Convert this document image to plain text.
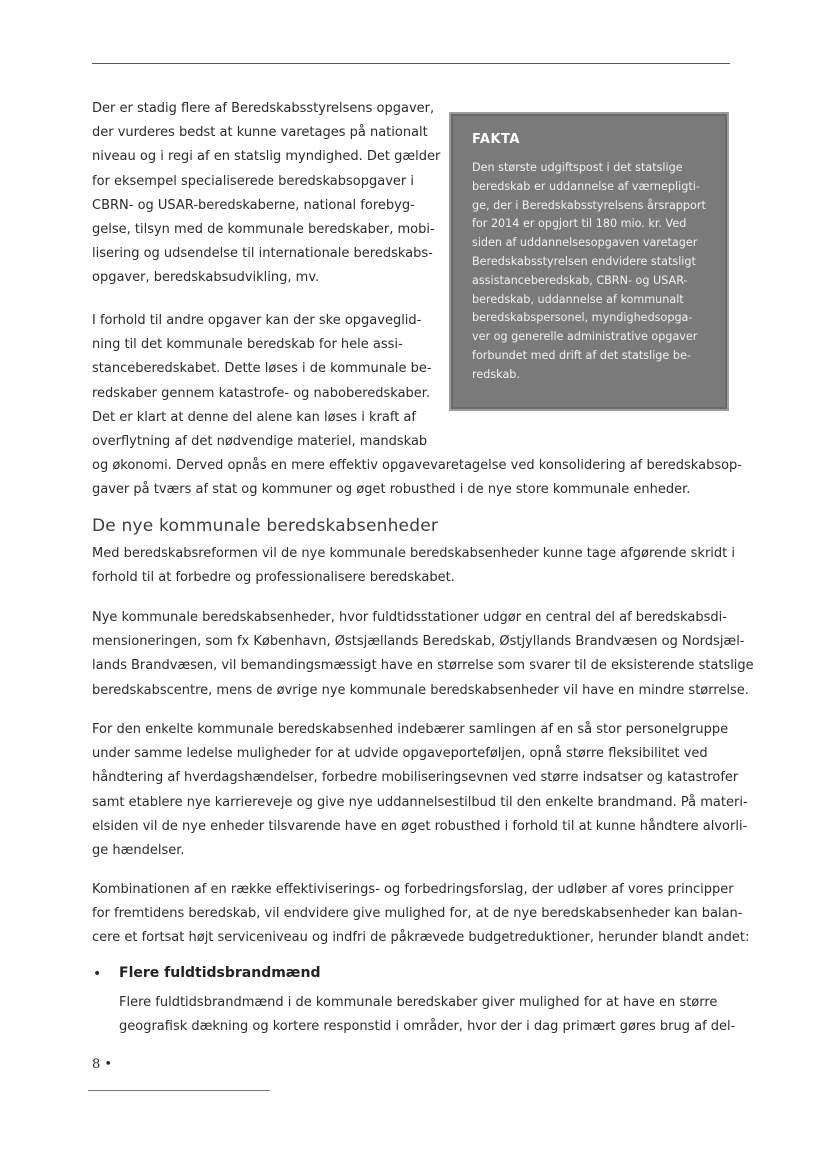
Der er stadig flere af Beredskabsstyrelsens opgaver,
der vurderes bedst at kunne varetages på nationalt
niveau og i regi af en statslig myndighed. Det gælder
for eksempel specialiserede beredskabsopgaver i
CBRN- og USAR-beredskaberne, national forebyg-
gelse, tilsyn med de kommunale beredskaber, mobi-
lisering og udsendelse til internationale beredskabs-
opgaver, beredskabsudvikling, mv.

FAKTA

Den største udgiftspost i det statslige
beredskab er uddannelse af værnepligti-
ge, der i Beredskabsstyrelsens årsrapport
for 2014 er opgjort til 180 mio. kr. Ved
siden af uddannelsesopgaven varetager
Beredskabsstyrelsen endvidere statsligt
assistanceberedskab, CBRN- og USAR-
beredskab, uddannelse af kommunalt
beredskabspersonel, myndighedsopga-
ver og generelle administrative opgaver
forbundet med drift af det statslige be-
redskab.

I forhold til andre opgaver kan der ske opgaveglid-
ning til det kommunale beredskab for hele assi-
stanceberedskabet. Dette løses i de kommunale be-
redskaber gennem katastrofe- og naboberedskaber.
Det er klart at denne del alene kan løses i kraft af
overflytning af det nødvendige materiel, mandskab
og økonomi. Derved opnås en mere effektiv opgavevaretagelse ved konsolidering af beredskabsop-
gaver på tværs af stat og kommuner og øget robusthed i de nye store kommunale enheder.

De nye kommunale beredskabsenheder

Med beredskabsreformen vil de nye kommunale beredskabsenheder kunne tage afgørende skridt i
forhold til at forbedre og professionalisere beredskabet.

Nye kommunale beredskabsenheder, hvor fuldtidsstationer udgør en central del af beredskabsdi-
mensioneringen, som fx København, Østsjællands Beredskab, Østjyllands Brandvæsen og Nordsjæl-
lands Brandvæsen, vil bemandingsmæssigt have en størrelse som svarer til de eksisterende statslige
beredskabscentre, mens de øvrige nye kommunale beredskabsenheder vil have en mindre størrelse.

For den enkelte kommunale beredskabsenhed indebærer samlingen af en så stor personelgruppe
under samme ledelse muligheder for at udvide opgaveporteføljen, opnå større fleksibilitet ved
håndtering af hverdagshændelser, forbedre mobiliseringsevnen ved større indsatser og katastrofer
samt etablere nye karriereveje og give nye uddannelsestilbud til den enkelte brandmand. På materi-
elsiden vil de nye enheder tilsvarende have en øget robusthed i forhold til at kunne håndtere alvorli-
ge hændelser.

Kombinationen af en række effektiviserings- og forbedringsforslag, der udløber af vores principper
for fremtidens beredskab, vil endvidere give mulighed for, at de nye beredskabsenheder kan balan-
cere et fortsat højt serviceniveau og indfri de påkrævede budgetreduktioner, herunder blandt andet:

• Flere fuldtidsbrandmænd

Flere fuldtidsbrandmænd i de kommunale beredskaber giver mulighed for at have en større
geografisk dækning og kortere responstid i områder, hvor der i dag primært gøres brug af del-

8 •
